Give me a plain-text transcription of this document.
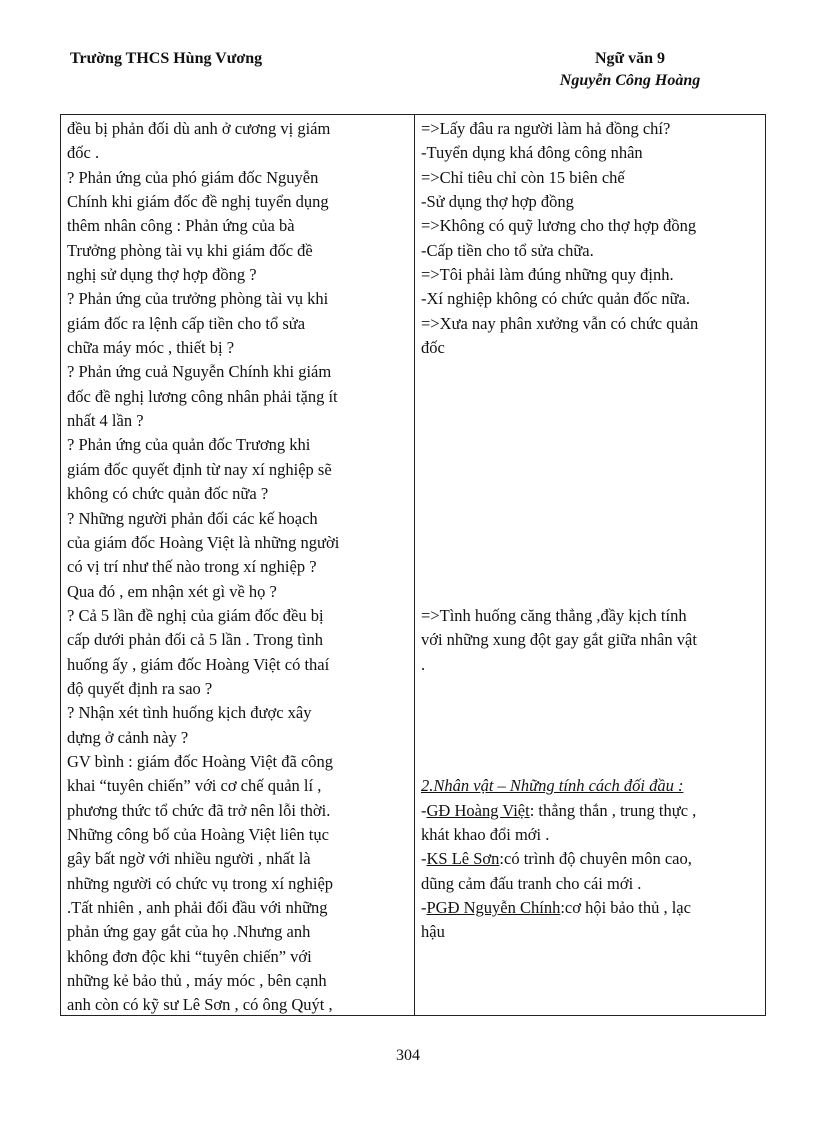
Trường THCS Hùng Vương	Ngữ văn 9
Nguyễn Công Hoàng
đều bị phản đối dù anh ở cương vị giám
đốc .
? Phản ứng của phó giám đốc Nguyễn
Chính khi giám đốc đề nghị tuyển dụng
thêm nhân công : Phản ứng của bà
Trưởng phòng tài vụ khi giám đốc đề
nghị sử dụng thợ hợp đồng ?
? Phản ứng của trưởng phòng tài vụ khi
giám đốc ra lệnh cấp tiền cho tổ sửa
chữa máy móc , thiết bị ?
? Phản ứng cuả Nguyễn Chính khi giám
đốc đề nghị lương công nhân phải tặng ít
nhất 4 lần ?
? Phản ứng của quản đốc Trương khi
giám đốc quyết định từ nay xí nghiệp sẽ
không có chức quản đốc nữa ?
? Những người phản đối các kế hoạch
của giám đốc Hoàng Việt là những người
có vị trí như thế nào trong xí nghiệp ?
Qua đó , em nhận xét gì về họ ?
? Cả 5 lần đề nghị của giám đốc đều bị
cấp dưới phản đối cả 5 lần . Trong tình
huống ấy , giám đốc Hoàng Việt có thaí
độ quyết định ra sao ?
? Nhận xét tình huống kịch được xây
dựng ở cảnh này ?
GV bình : giám đốc Hoàng Việt đã công
khai “tuyên chiến” với cơ chế quản lí ,
phương thức tổ chức đã trở nên lỗi thời.
Những công bố của Hoàng Việt liên tục
gây bất ngờ với nhiều người , nhất là
những người có chức vụ trong xí nghiệp
.Tất nhiên , anh phải đối đầu với những
phản ứng gay gắt của họ .Nhưng anh
không đơn độc khi “tuyên chiến” với
những kẻ bảo thủ , máy móc , bên cạnh
anh còn có kỹ sư Lê Sơn , có ông Quýt ,
=>Lấy đâu ra người làm hả đồng chí?
-Tuyển dụng khá đông công nhân
=>Chỉ tiêu chỉ còn 15 biên chế
-Sử dụng thợ hợp đồng
=>Không có quỹ lương cho thợ hợp đồng
-Cấp tiền cho tổ sửa chữa.
=>Tôi phải làm đúng những quy định.
-Xí nghiệp không có chức quản đốc nữa.
=>Xưa nay phân xưởng vẫn có chức quản
đốc
=>Tình huống căng thẳng ,đầy kịch tính
với những xung đột gay gắt giữa nhân vật
.
2.Nhân vật – Những tính cách đối đầu :
-GĐ Hoàng Việt: thẳng thắn , trung thực ,
khát khao đổi mới .
-KS Lê Sơn:có trình độ chuyên môn cao,
dũng cảm đấu tranh cho cái mới .
-PGĐ Nguyễn Chính:cơ hội bảo thủ , lạc
hậu
304
